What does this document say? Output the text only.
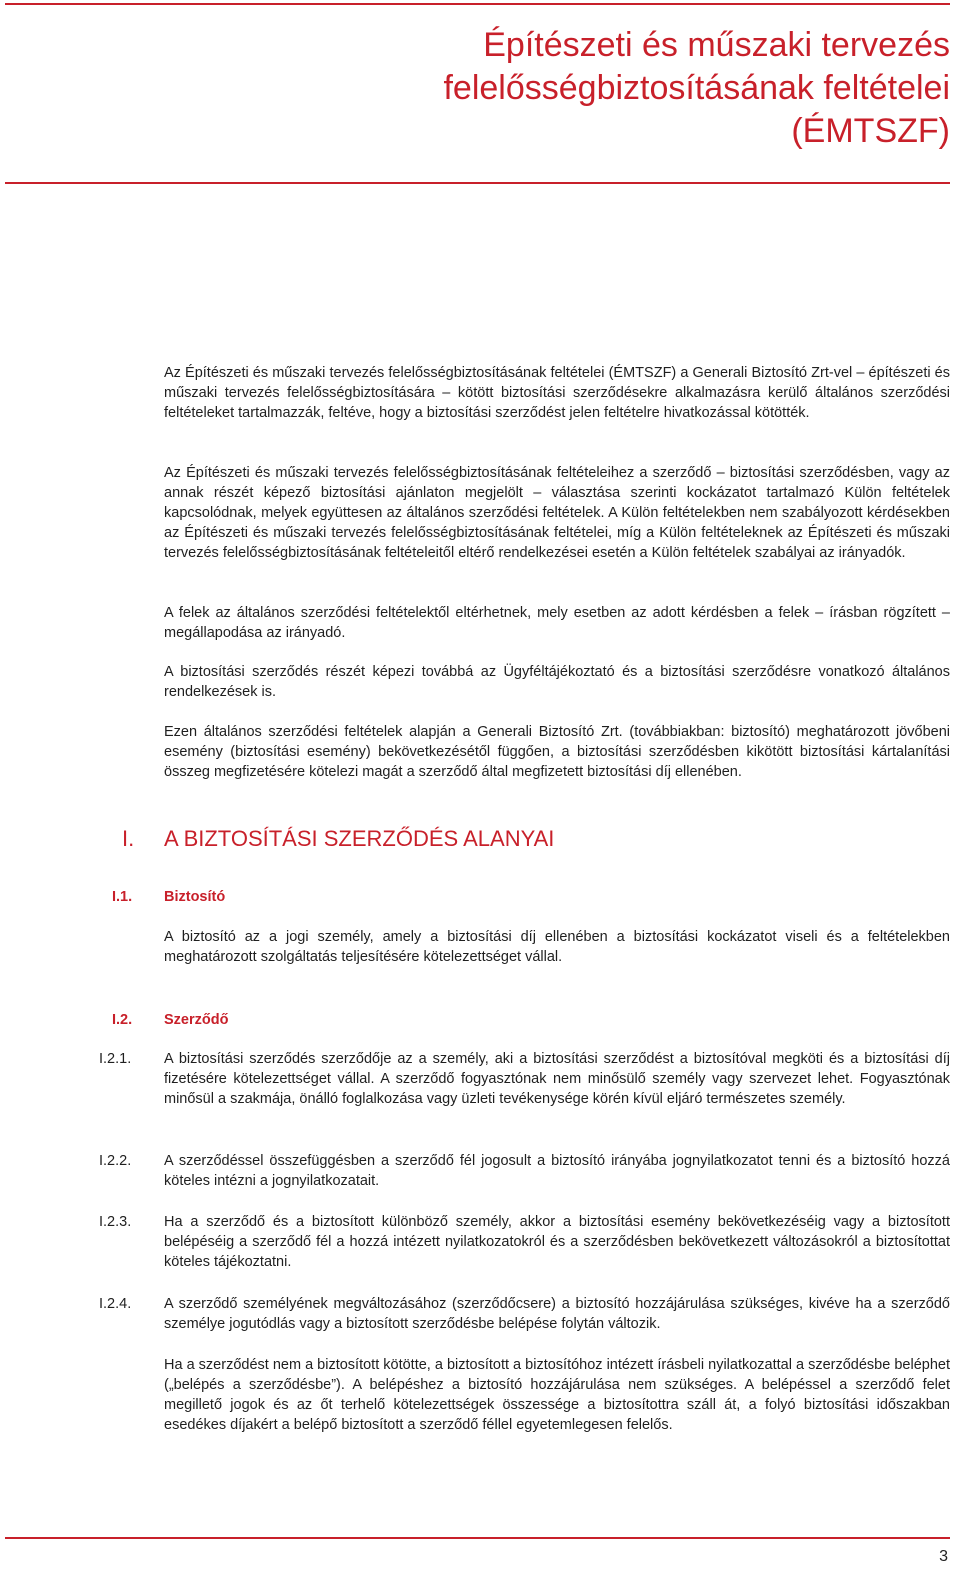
Építészeti és műszaki tervezés
felelősségbiztosításának feltételei
(ÉMTSZF)

Az Építészeti és műszaki tervezés felelősségbiztosításának feltételei (ÉMTSZF) a Generali Biztosító Zrt-vel – építészeti és műszaki tervezés felelősségbiztosítására – kötött biztosítási szerződésekre alkalmazásra kerülő általános szerződési feltételeket tartalmazzák, feltéve, hogy a biztosítási szerződést jelen feltételre hivatkozással kötötték.

Az Építészeti és műszaki tervezés felelősségbiztosításának feltételeihez a szerződő – biztosítási szerződésben, vagy az annak részét képező biztosítási ajánlaton megjelölt – választása szerinti kockázatot tartalmazó Külön feltételek kapcsolódnak, melyek együttesen az általános szerződési feltételek. A Külön feltételekben nem szabályozott kérdésekben az Építészeti és műszaki tervezés felelősségbiztosításának feltételei, míg a Külön feltételeknek az Építészeti és műszaki tervezés felelősségbiztosításának feltételeitől eltérő rendelkezései esetén a Külön feltételek szabályai az irányadók.

A felek az általános szerződési feltételektől eltérhetnek, mely esetben az adott kérdésben a felek – írásban rögzített – megállapodása az irányadó.

A biztosítási szerződés részét képezi továbbá az Ügyféltájékoztató és a biztosítási szerződésre vonatkozó általános rendelkezések is.

Ezen általános szerződési feltételek alapján a Generali Biztosító Zrt. (továbbiakban: biztosító) meghatározott jövőbeni esemény (biztosítási esemény) bekövetkezésétől függően, a biztosítási szerződésben kikötött biztosítási kártalanítási összeg megfizetésére kötelezi magát a szerződő által megfizetett biztosítási díj ellenében.

I. A BIZTOSÍTÁSI SZERZŐDÉS ALANYAI
I.1. Biztosító

A biztosító az a jogi személy, amely a biztosítási díj ellenében a biztosítási kockázatot viseli és a feltételekben meghatározott szolgáltatás teljesítésére kötelezettséget vállal.

I.2. Szerződő
I.2.1. A biztosítási szerződés szerződője az a személy, aki a biztosítási szerződést a biztosítóval megköti és a biztosítási díj fizetésére kötelezettséget vállal. A szerződő fogyasztónak nem minősülő személy vagy szervezet lehet. Fogyasztónak minősül a szakmája, önálló foglalkozása vagy üzleti tevékenysége körén kívül eljáró természetes személy.

I.2.2. A szerződéssel összefüggésben a szerződő fél jogosult a biztosító irányába jognyilatkozatot tenni és a biztosító hozzá köteles intézni a jognyilatkozatait.

I.2.3. Ha a szerződő és a biztosított különböző személy, akkor a biztosítási esemény bekövetkezéséig vagy a biztosított belépéséig a szerződő fél a hozzá intézett nyilatkozatokról és a szerződésben bekövetkezett változásokról a biztosítottat köteles tájékoztatni.

I.2.4. A szerződő személyének megváltozásához (szerződőcsere) a biztosító hozzájárulása szükséges, kivéve ha a szerződő személye jogutódlás vagy a biztosított szerződésbe belépése folytán változik.

Ha a szerződést nem a biztosított kötötte, a biztosított a biztosítóhoz intézett írásbeli nyilatkozattal a szerződésbe beléphet („belépés a szerződésbe”). A belépéshez a biztosító hozzájárulása nem szükséges. A belépéssel a szerződő felet megillető jogok és az őt terhelő kötelezettségek összessége a biztosítottra száll át, a folyó biztosítási időszakban esedékes díjakért a belépő biztosított a szerződő féllel egyetemlegesen felelős.

3
